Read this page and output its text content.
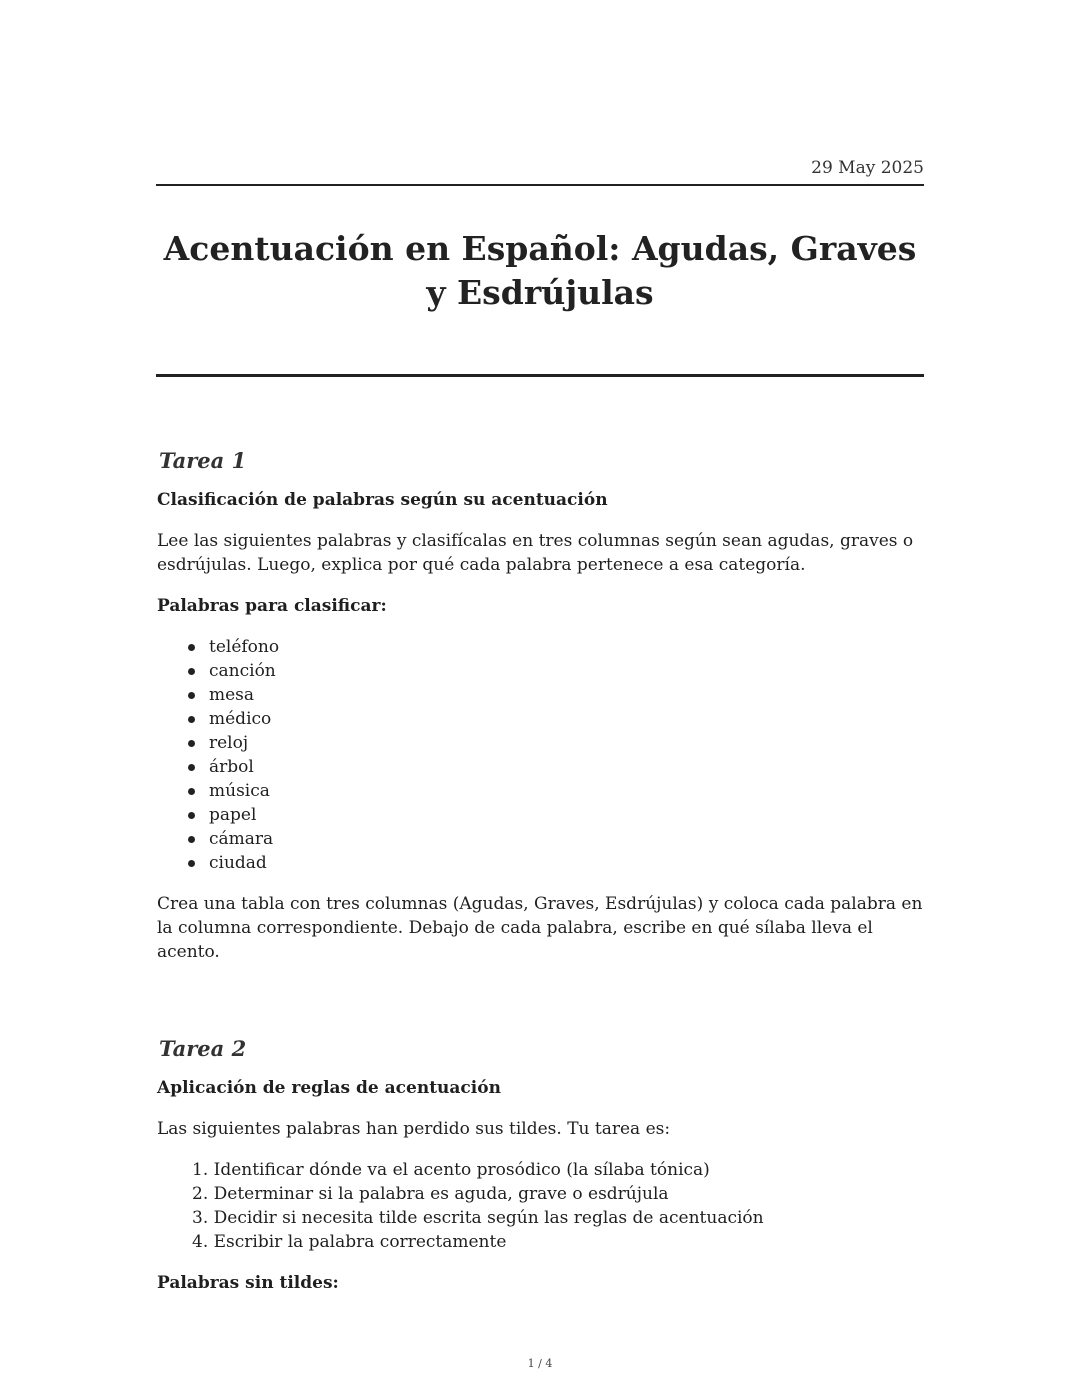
29 May 2025
Acentuación en Español: Agudas, Graves y Esdrújulas
Tarea 1
Clasificación de palabras según su acentuación

Lee las siguientes palabras y clasifícalas en tres columnas según sean agudas, graves o esdrújulas. Luego, explica por qué cada palabra pertenece a esa categoría.

Palabras para clasificar:

teléfono
canción
mesa
médico
reloj
árbol
música
papel
cámara
ciudad

Crea una tabla con tres columnas (Agudas, Graves, Esdrújulas) y coloca cada palabra en la columna correspondiente. Debajo de cada palabra, escribe en qué sílaba lleva el acento.

Tarea 2
Aplicación de reglas de acentuación

Las siguientes palabras han perdido sus tildes. Tu tarea es:

1. Identificar dónde va el acento prosódico (la sílaba tónica)
2. Determinar si la palabra es aguda, grave o esdrújula
3. Decidir si necesita tilde escrita según las reglas de acentuación
4. Escribir la palabra correctamente

Palabras sin tildes:

1 / 4
